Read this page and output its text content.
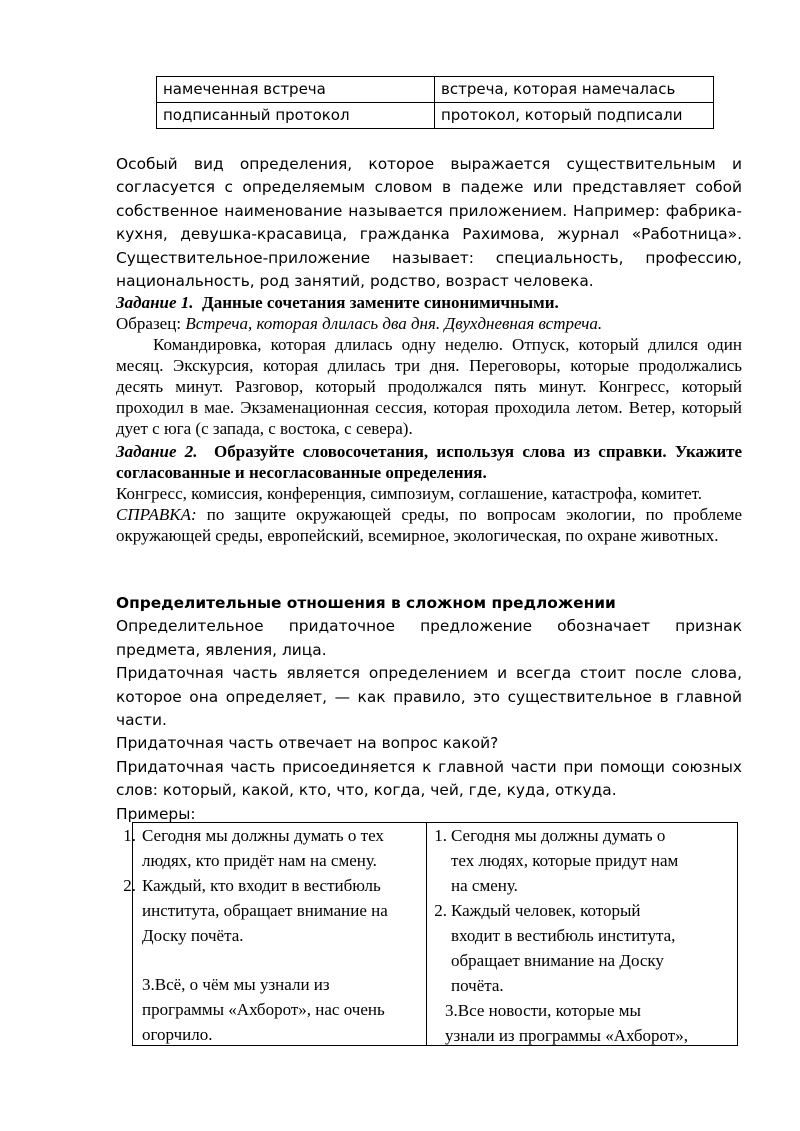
намеченная встреча	встреча, которая намечалась
подписанный протокол	протокол, который подписали

Особый вид определения, которое выражается существительным и согласуется с определяемым словом в падеже или представляет собой собственное наименование называется приложением. Например: фабрика-кухня, девушка-красавица, гражданка Рахимова, журнал «Работница». Существительное-приложение называет: специальность, профессию, национальность, род занятий, родство, возраст человека.

Задание 1. Данные сочетания замените синонимичными.

Образец: Встреча, которая длилась два дня. Двухдневная встреча.

Командировка, которая длилась одну неделю. Отпуск, который длился один месяц. Экскурсия, которая длилась три дня. Переговоры, которые продолжались десять минут. Разговор, который продолжался пять минут. Конгресс, который проходил в мае. Экзаменационная сессия, которая проходила летом. Ветер, который дует с юга (с запада, с востока, с севера).

Задание 2. Образуйте словосочетания, используя слова из справки. Укажите согласованные и несогласованные определения.

Конгресс, комиссия, конференция, симпозиум, соглашение, катастрофа, комитет.

СПРАВКА: по защите окружающей среды, по вопросам экологии, по проблеме окружающей среды, европейский, всемирное, экологическая, по охране животных.

Определительные отношения в сложном предложении

Определительное придаточное предложение обозначает признак предмета, явления, лица.

Придаточная часть является определением и всегда стоит после слова, которое она определяет, — как правило, это существительное в главной части.

Придаточная часть отвечает на вопрос какой?

Придаточная часть присоединяется к главной части при помощи союзных слов: который, какой, кто, что, когда, чей, где, куда, откуда.

Примеры:

1. Сегодня мы должны думать о тех
людях, кто придёт нам на смену.
2. Каждый, кто входит в вестибюль
института, обращает внимание на
Доску почёта.
3.Всё, о чём мы узнали из
программы «Ахборот», нас очень
огорчило.

1. Сегодня мы должны думать о
тех людях, которые придут нам
на смену.
2. Каждый человек, который
входит в вестибюль института,
обращает внимание на Доску
почёта.
3.Все новости, которые мы
узнали из программы «Ахборот»,
